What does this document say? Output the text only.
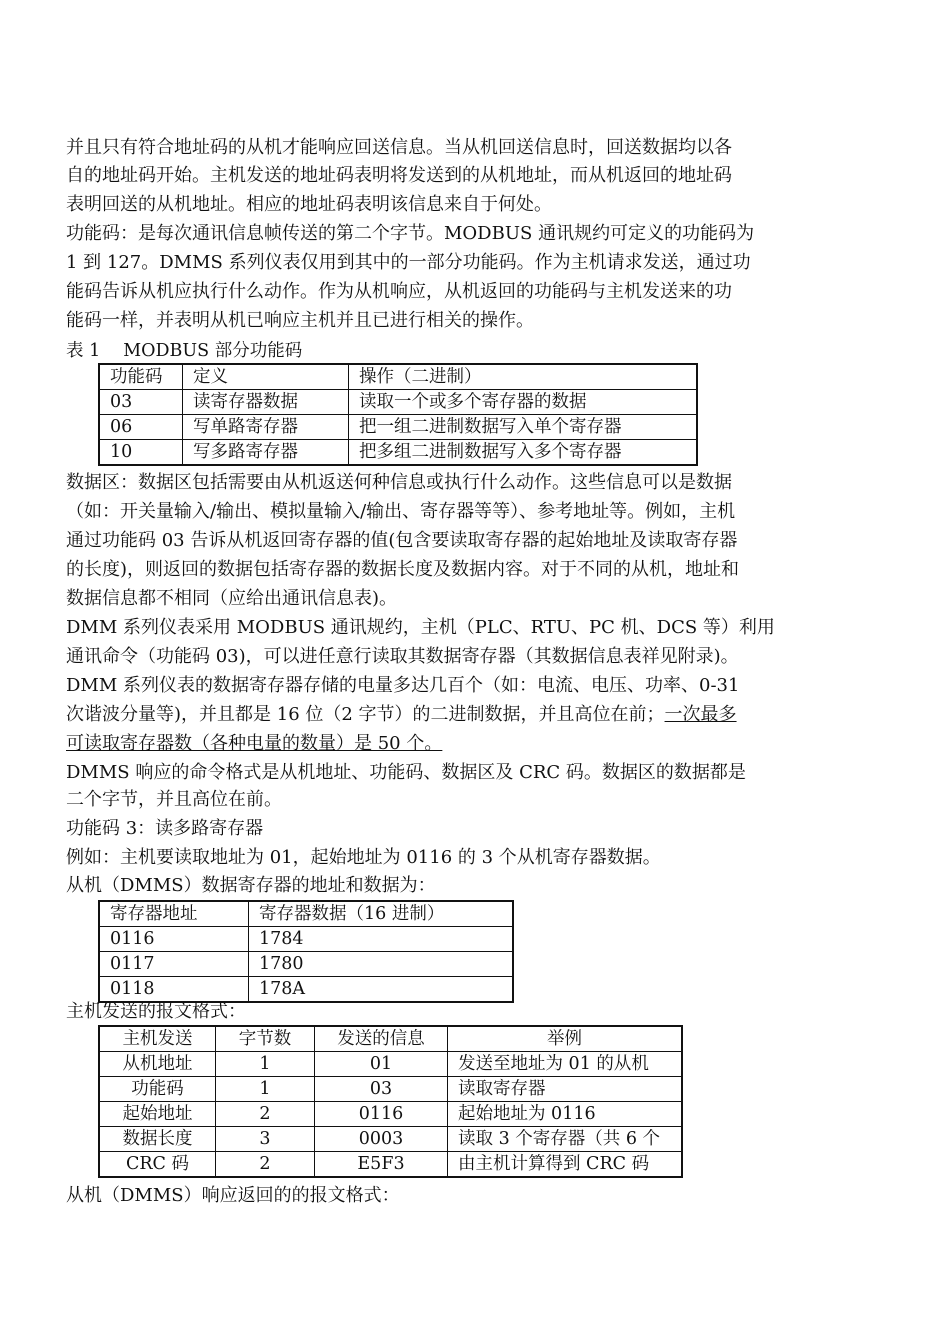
并且只有符合地址码的从机才能响应回送信息。当从机回送信息时，回送数据均以各
自的地址码开始。主机发送的地址码表明将发送到的从机地址，而从机返回的地址码
表明回送的从机地址。相应的地址码表明该信息来自于何处。
功能码：是每次通讯信息帧传送的第二个字节。MODBUS 通讯规约可定义的功能码为
1 到 127。DMMS 系列仪表仅用到其中的一部分功能码。作为主机请求发送，通过功
能码告诉从机应执行什么动作。作为从机响应，从机返回的功能码与主机发送来的功
能码一样，并表明从机已响应主机并且已进行相关的操作。
表 1　 MODBUS 部分功能码
功能码	定义	操作（二进制）
03	读寄存器数据	读取一个或多个寄存器的数据
06	写单路寄存器	把一组二进制数据写入单个寄存器
10	写多路寄存器	把多组二进制数据写入多个寄存器
数据区：数据区包括需要由从机返送何种信息或执行什么动作。这些信息可以是数据
（如：开关量输入/输出、模拟量输入/输出、寄存器等等）、参考地址等。例如，主机
通过功能码 03 告诉从机返回寄存器的值(包含要读取寄存器的起始地址及读取寄存器
的长度)，则返回的数据包括寄存器的数据长度及数据内容。对于不同的从机，地址和
数据信息都不相同（应给出通讯信息表)。
DMM 系列仪表采用 MODBUS 通讯规约，主机（PLC、RTU、PC 机、DCS 等）利用
通讯命令（功能码 03)，可以进任意行读取其数据寄存器（其数据信息表祥见附录)。
DMM 系列仪表的数据寄存器存储的电量多达几百个（如：电流、电压、功率、0-31
次谐波分量等)，并且都是 16 位（2 字节）的二进制数据，并且高位在前；一次最多
可读取寄存器数（各种电量的数量）是 50 个。
DMMS 响应的命令格式是从机地址、功能码、数据区及 CRC 码。数据区的数据都是
二个字节，并且高位在前。
功能码 3：读多路寄存器
例如：主机要读取地址为 01，起始地址为 0116 的 3 个从机寄存器数据。
从机（DMMS）数据寄存器的地址和数据为：
寄存器地址	寄存器数据（16 进制）
0116	1784
0117	1780
0118	178A
主机发送的报文格式：
主机发送	字节数	发送的信息	举例
从机地址	1	01	发送至地址为 01 的从机
功能码	1	03	读取寄存器
起始地址	2	0116	起始地址为 0116
数据长度	3	0003	读取 3 个寄存器（共 6 个
CRC 码	2	E5F3	由主机计算得到 CRC 码
从机（DMMS）响应返回的的报文格式：
